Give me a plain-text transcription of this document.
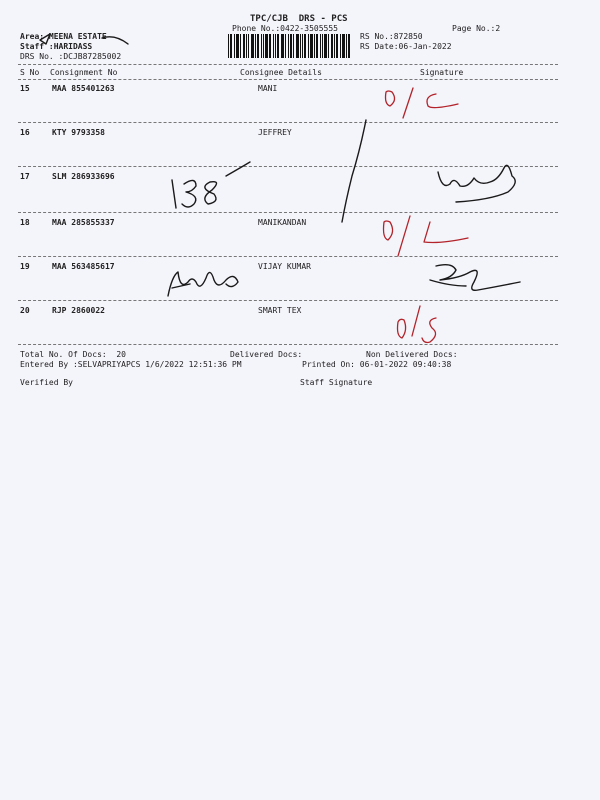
TPC/CJB  DRS - PCS
Phone No.:0422-3505555	Page No.:2
Area: MEENA ESTATE
Staff :HARIDASS
DRS No. :DCJB87285002
RS No.:872850
RS Date:06-Jan-2022
S No Consignment No	Consignee Details	Signature
15	MAA 855401263	MANI
16	KTY 9793358	JEFFREY
17	SLM 286933696
18	MAA 285855337	MANIKANDAN
19	MAA 563485617	VIJAY KUMAR
20	RJP 2860022	SMART TEX
Total No. Of Docs:  20	Delivered Docs:	Non Delivered Docs:
Entered By :SELVAPRIYAPCS 1/6/2022 12:51:36 PM	Printed On: 06-01-2022 09:40:38
Verified By	Staff Signature
